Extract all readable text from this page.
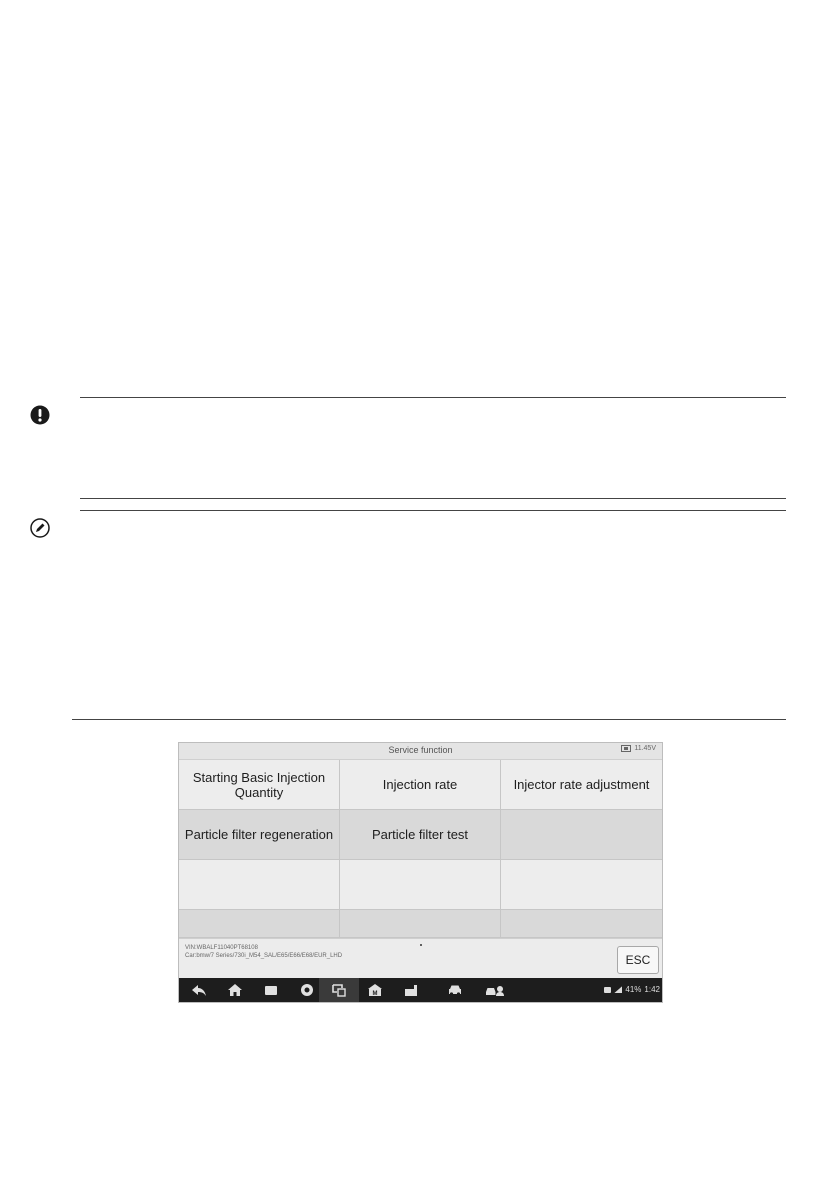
Service function	11.45V
Starting Basic Injection Quantity	Injection rate	Injector rate adjustment
Particle filter regeneration	Particle filter test
VIN:WBALF11040PT68108
Car:bmw/7 Series/730i_M54_SAL/E65/E66/E68/EUR_LHD	ESC
M	41% 1:42
